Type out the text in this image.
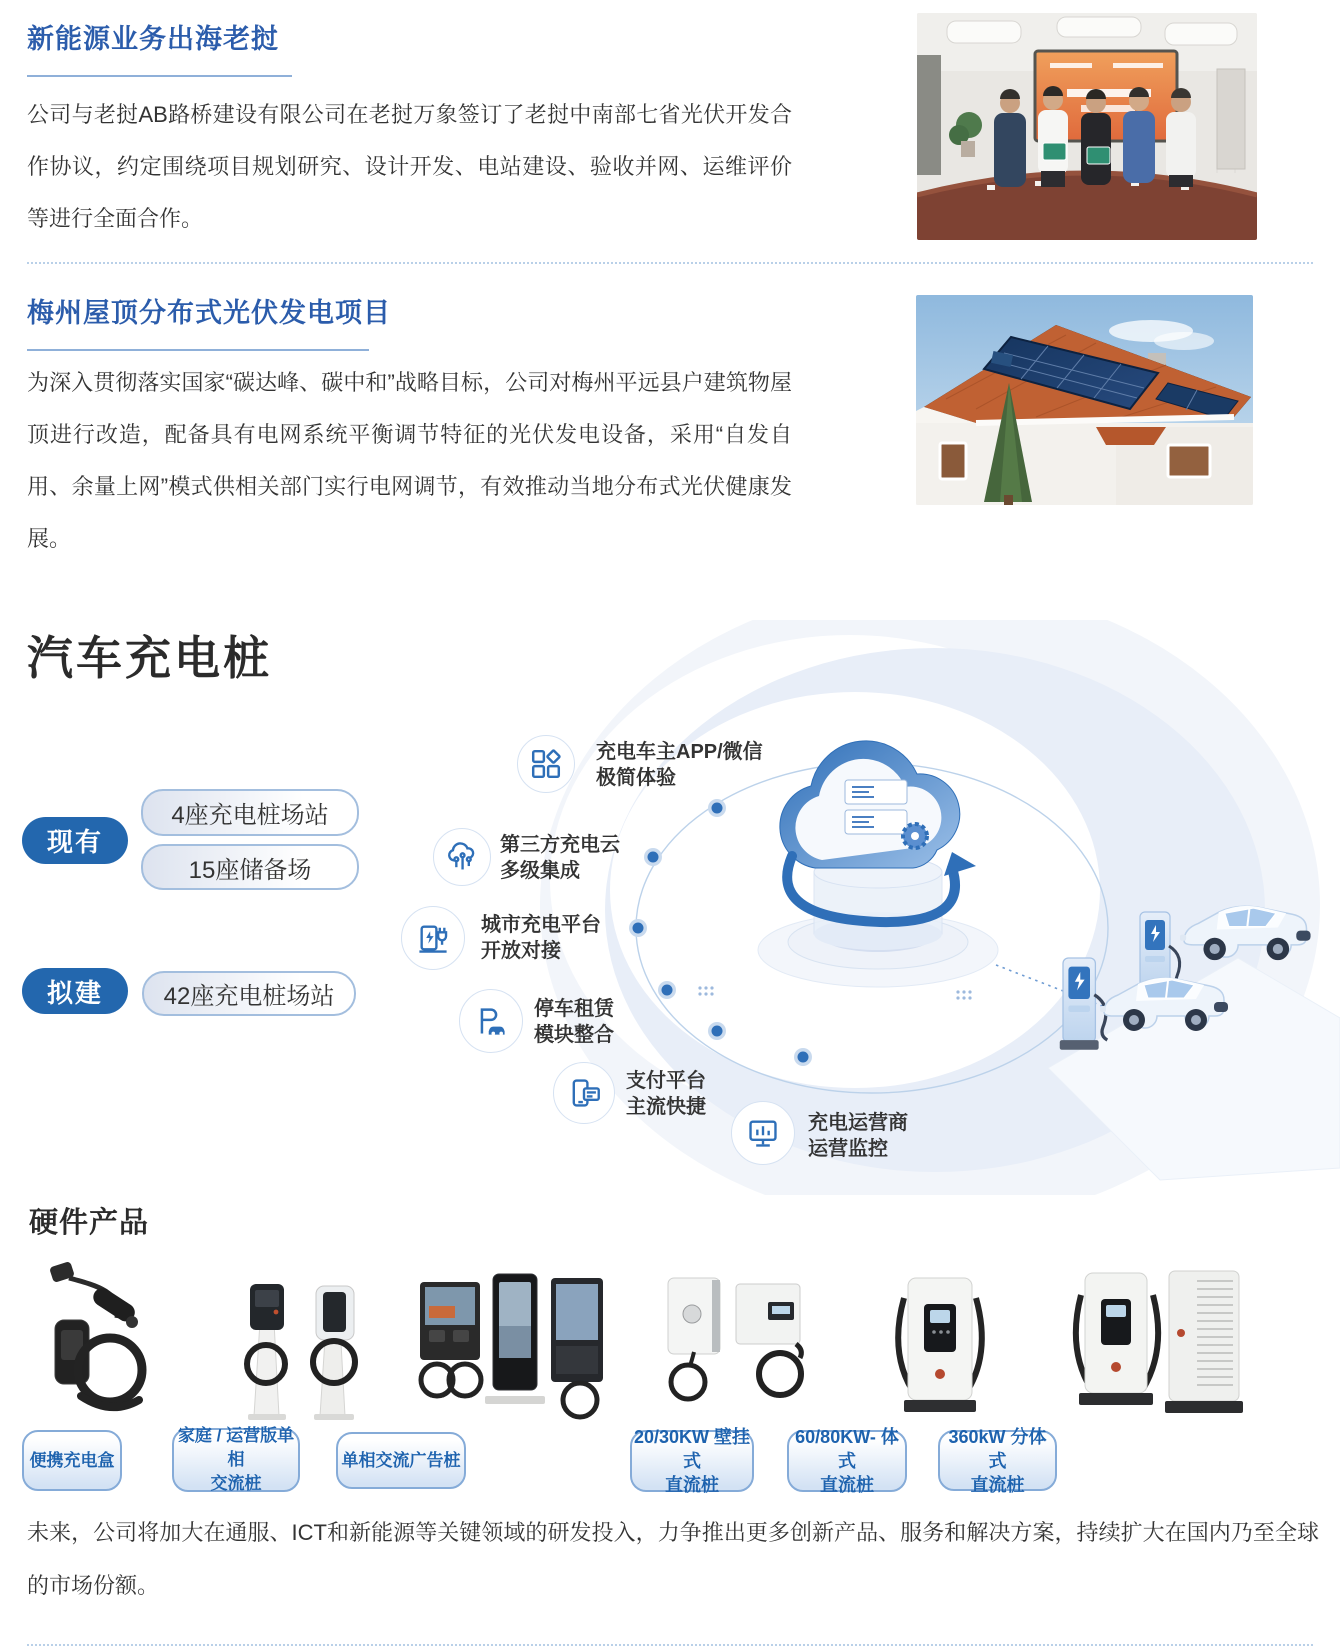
新能源业务出海老挝
公司与老挝AB路桥建设有限公司在老挝万象签订了老挝中南部七省光伏开发合作协议，约定围绕项目规划研究、设计开发、电站建设、验收并网、运维评价等进行全面合作。
梅州屋顶分布式光伏发电项目
为深入贯彻落实国家“碳达峰、碳中和”战略目标，公司对梅州平远县户建筑物屋顶进行改造，配备具有电网系统平衡调节特征的光伏发电设备，采用“自发自用、余量上网”模式供相关部门实行电网调节，有效推动当地分布式光伏健康发展。
汽车充电桩
现有
4座充电桩场站
15座储备场
拟建	42座充电桩场站
充电车主APP/微信
极简体验
第三方充电云
多级集成
城市充电平台
开放对接
停车租赁
模块整合
支付平台
主流快捷
充电运营商
运营监控
硬件产品
便携充电盒
家庭 / 运营版单相
交流桩
单相交流广告桩
20/30KW 壁挂式
直流桩
60/80KW- 体式
直流桩
360kW 分体式
直流桩
未来，公司将加大在通服、ICT和新能源等关键领域的研发投入，力争推出更多创新产品、服务和解决方案，持续扩大在国内乃至全球的市场份额。
